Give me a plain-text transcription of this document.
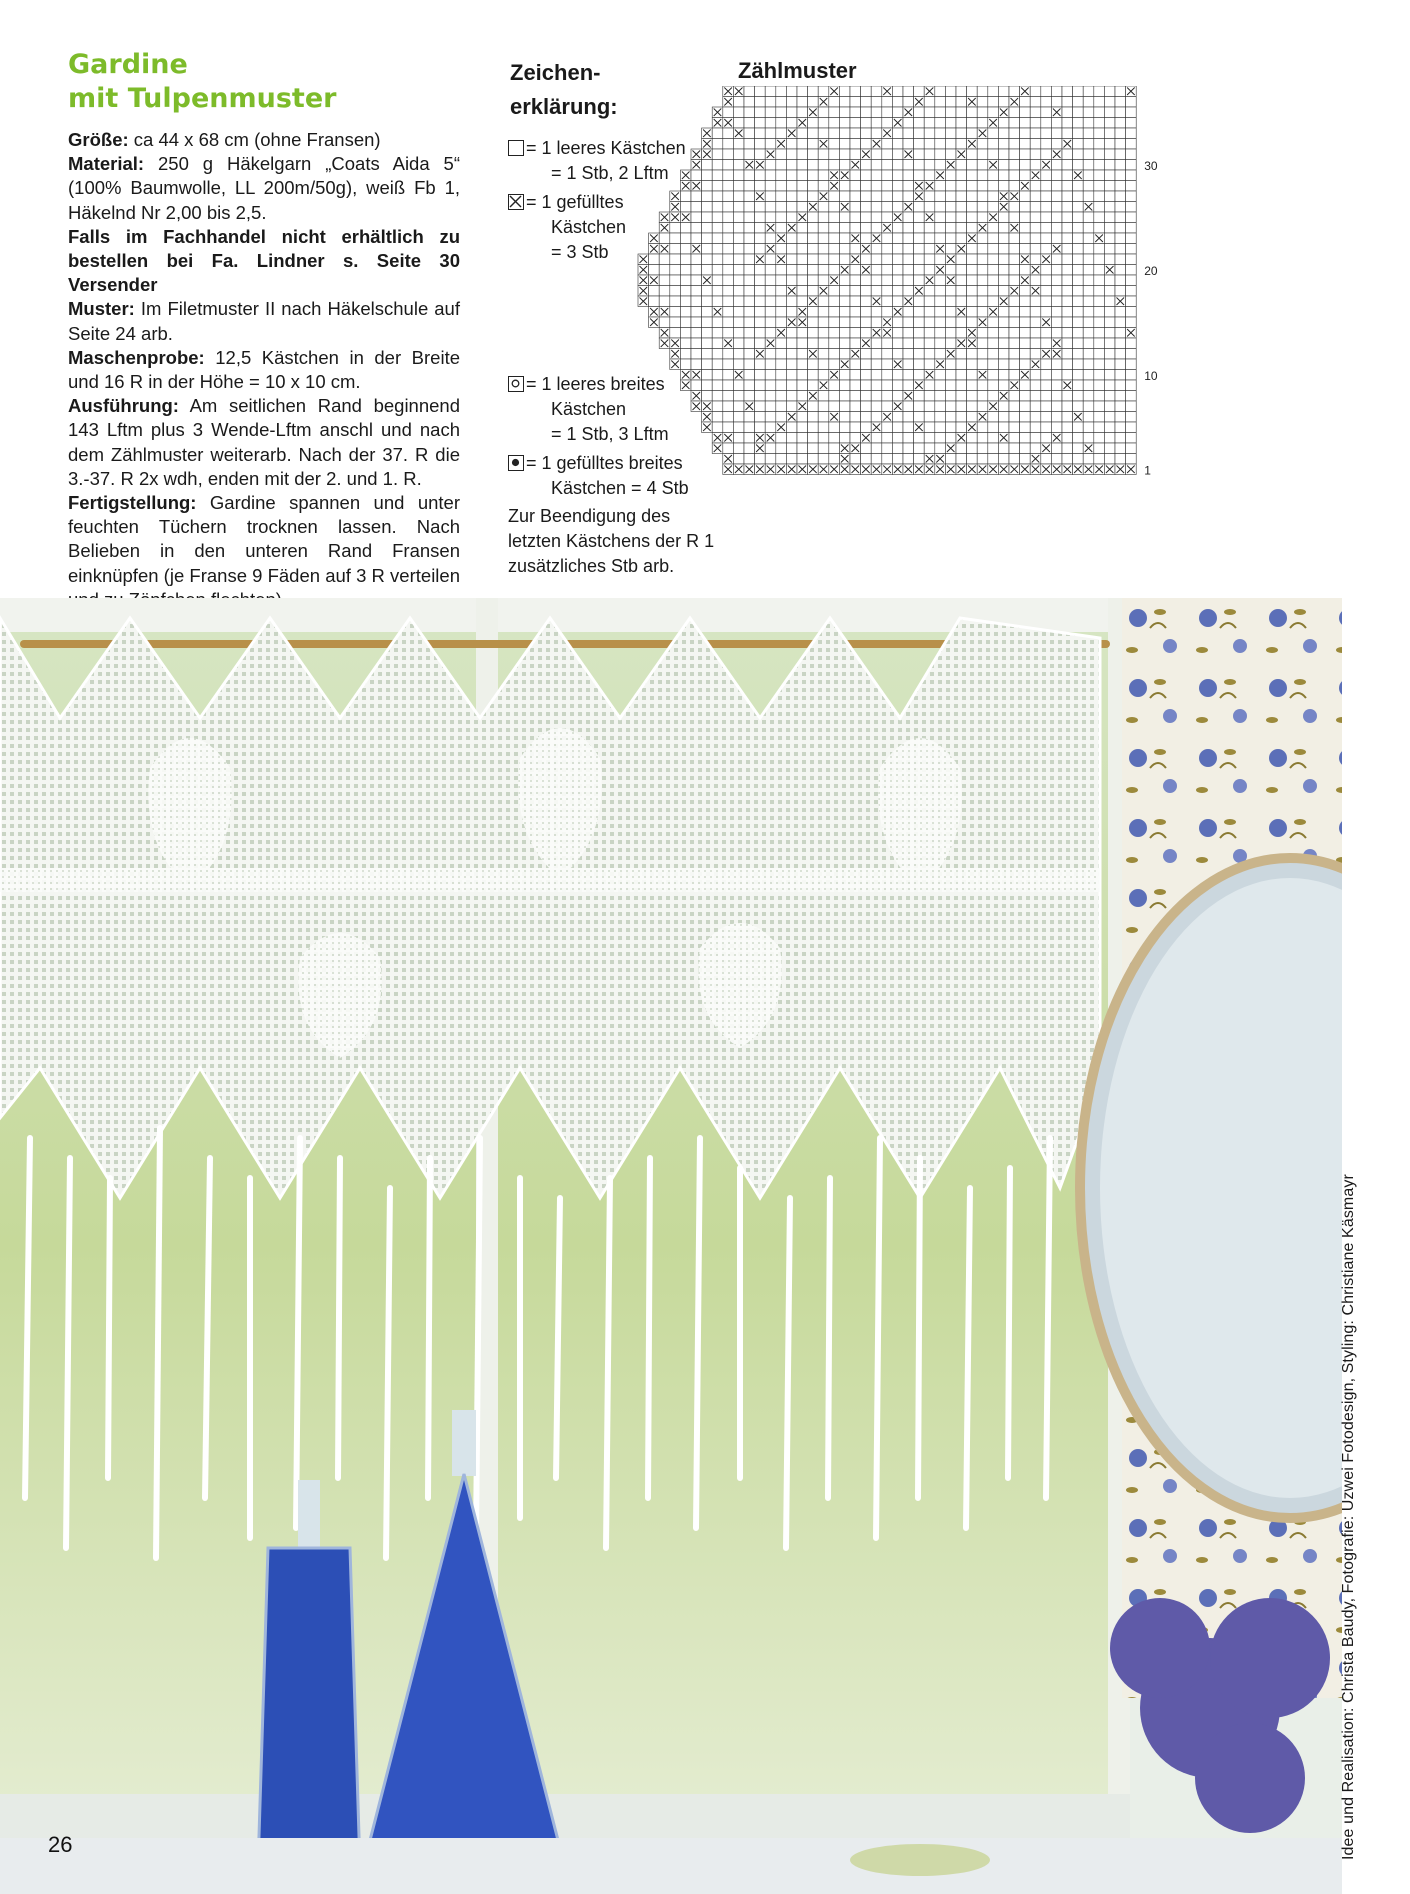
Gardine
mit Tulpenmuster

Größe: ca 44 x 68 cm (ohne Fransen)

Material: 250 g Häkelgarn „Coats Aida 5“ (100% Baumwolle, LL 200m/50g), weiß Fb 1, Häkelnd Nr 2,00 bis 2,5.

Falls im Fachhandel nicht erhältlich zu bestellen bei Fa. Lindner s. Seite 30 Versender

Muster: Im Filetmuster II nach Häkelschule auf Seite 24 arb.

Maschenprobe: 12,5 Kästchen in der Breite und 16 R in der Höhe = 10 x 10 cm.

Ausführung: Am seitlichen Rand beginnend 143 Lftm plus 3 Wende-Lftm anschl und nach dem Zählmuster weiterarb. Nach der 37. R die 3.-37. R 2x wdh, enden mit der 2. und 1. R.

Fertigstellung: Gardine spannen und unter feuchten Tüchern trocknen lassen. Nach Belieben in den unteren Rand Fransen einknüpfen (je Franse 9 Fäden auf 3 R verteilen

Zeichen-
erklärung:
= 1 leeres Kästchen
= 1 Stb, 2 Lftm
= 1 gefülltes
Kästchen
= 3 Stb
= 1 leeres breites
Kästchen
= 1 Stb, 3 Lftm
= 1 gefülltes breites
Kästchen = 4 Stb
Zur Beendigung des letzten Kästchens der R 1 zusätzliches Stb arb.
Zählmuster
30
20
10
1
Idee und Realisation: Christa Baudy, Fotografie: Uzwei Fotodesign, Styling: Christiane Käsmayr
26
